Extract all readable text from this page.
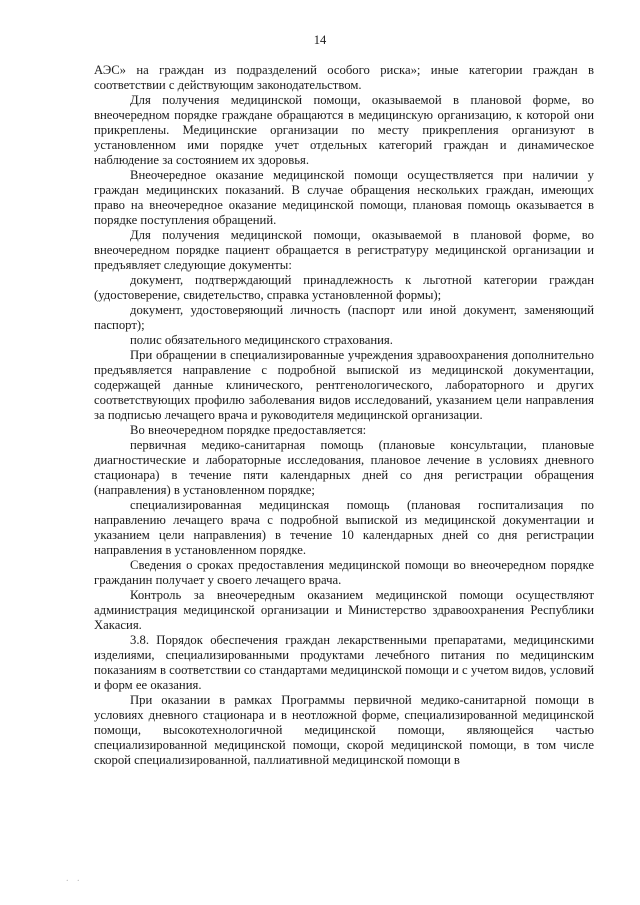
14

АЭС» на граждан из подразделений особого риска»; иные категории граждан в соответствии с действующим законодательством.

Для получения медицинской помощи, оказываемой в плановой форме, во внеочередном порядке граждане обращаются в медицинскую организацию, к которой они прикреплены. Медицинские организации по месту прикрепления организуют в установленном ими порядке учет отдельных категорий граждан и динамическое наблюдение за состоянием их здоровья.

Внеочередное оказание медицинской помощи осуществляется при наличии у граждан медицинских показаний. В случае обращения нескольких граждан, имеющих право на внеочередное оказание медицинской помощи, плановая помощь оказывается в порядке поступления обращений.

Для получения медицинской помощи, оказываемой в плановой форме, во внеочередном порядке пациент обращается в регистратуру медицинской организации и предъявляет следующие документы:

документ, подтверждающий принадлежность к льготной категории граждан (удостоверение, свидетельство, справка установленной формы);

документ, удостоверяющий личность (паспорт или иной документ, заменяющий паспорт);

полис обязательного медицинского страхования.

При обращении в специализированные учреждения здравоохранения дополнительно предъявляется направление с подробной выпиской из медицинской документации, содержащей данные клинического, рентгенологического, лабораторного и других соответствующих профилю заболевания видов исследований, указанием цели направления за подписью лечащего врача и руководителя медицинской организации.

Во внеочередном порядке предоставляется:

первичная медико-санитарная помощь (плановые консультации, плановые диагностические и лабораторные исследования, плановое лечение в условиях дневного стационара) в течение пяти календарных дней со дня регистрации обращения (направления) в установленном порядке;

специализированная медицинская помощь (плановая госпитализация по направлению лечащего врача с подробной выпиской из медицинской документации и указанием цели направления) в течение 10 календарных дней со дня регистрации направления в установленном порядке.

Сведения о сроках предоставления медицинской помощи во внеочередном порядке гражданин получает у своего лечащего врача.

Контроль за внеочередным оказанием медицинской помощи осуществляют администрация медицинской организации и Министерство здравоохранения Республики Хакасия.

3.8. Порядок обеспечения граждан лекарственными препаратами, медицинскими изделиями, специализированными продуктами лечебного питания по медицинским показаниям в соответствии со стандартами медицинской помощи и с учетом видов, условий и форм ее оказания.

При оказании в рамках Программы первичной медико-санитарной помощи в условиях дневного стационара и в неотложной форме, специализированной медицинской помощи, высокотехнологичной медицинской помощи, являющейся частью специализированной медицинской помощи, скорой медицинской помощи, в том числе скорой специализированной, паллиативной медицинской помощи в

. .
